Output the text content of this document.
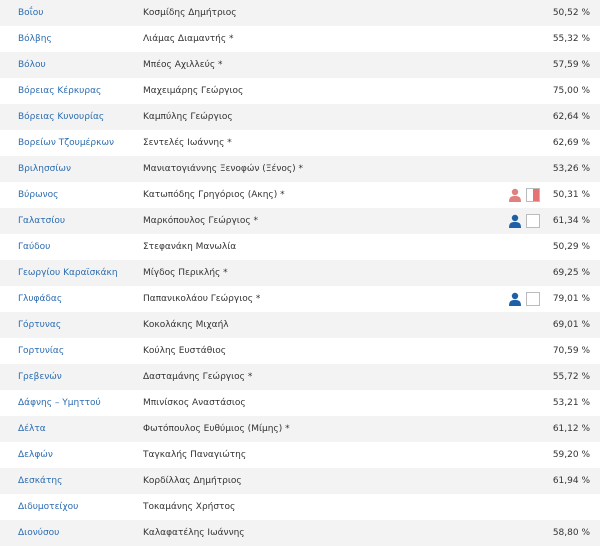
Βοΐου	Κοσμίδης Δημήτριος	50,52 %
Βόλβης	Λιάμας Διαμαντής *	55,32 %
Βόλου	Μπέος Αχιλλεύς *	57,59 %
Βόρειας Κέρκυρας	Μαχειμάρης Γεώργιος	75,00 %
Βόρειας Κυνουρίας	Καμπύλης Γεώργιος	62,64 %
Βορείων Τζουμέρκων	Σεντελές Ιωάννης *	62,69 %
Βριλησσίων	Μανιατογιάννης Ξενοφών (Ξένος) *	53,26 %
Βύρωνος	Κατωπόδης Γρηγόριος (Ακης) *	50,31 %
Γαλατσίου	Μαρκόπουλος Γεώργιος *	61,34 %
Γαύδου	Στεφανάκη Μανωλία	50,29 %
Γεωργίου Καραϊσκάκη	Μίγδος Περικλής *	69,25 %
Γλυφάδας	Παπανικολάου Γεώργιος *	79,01 %
Γόρτυνας	Κοκολάκης Μιχαήλ	69,01 %
Γορτυνίας	Κούλης Ευστάθιος	70,59 %
Γρεβενών	Δασταμάνης Γεώργιος *	55,72 %
Δάφνης – Υμηττού	Μπινίσκος Αναστάσιος	53,21 %
Δέλτα	Φωτόπουλος Ευθύμιος (Μίμης) *	61,12 %
Δελφών	Ταγκαλής Παναγιώτης	59,20 %
Δεσκάτης	Κορδίλλας Δημήτριος	61,94 %
Διδυμοτείχου	Τοκαμάνης Χρήστος
Διονύσου	Καλαφατέλης Ιωάννης	58,80 %
